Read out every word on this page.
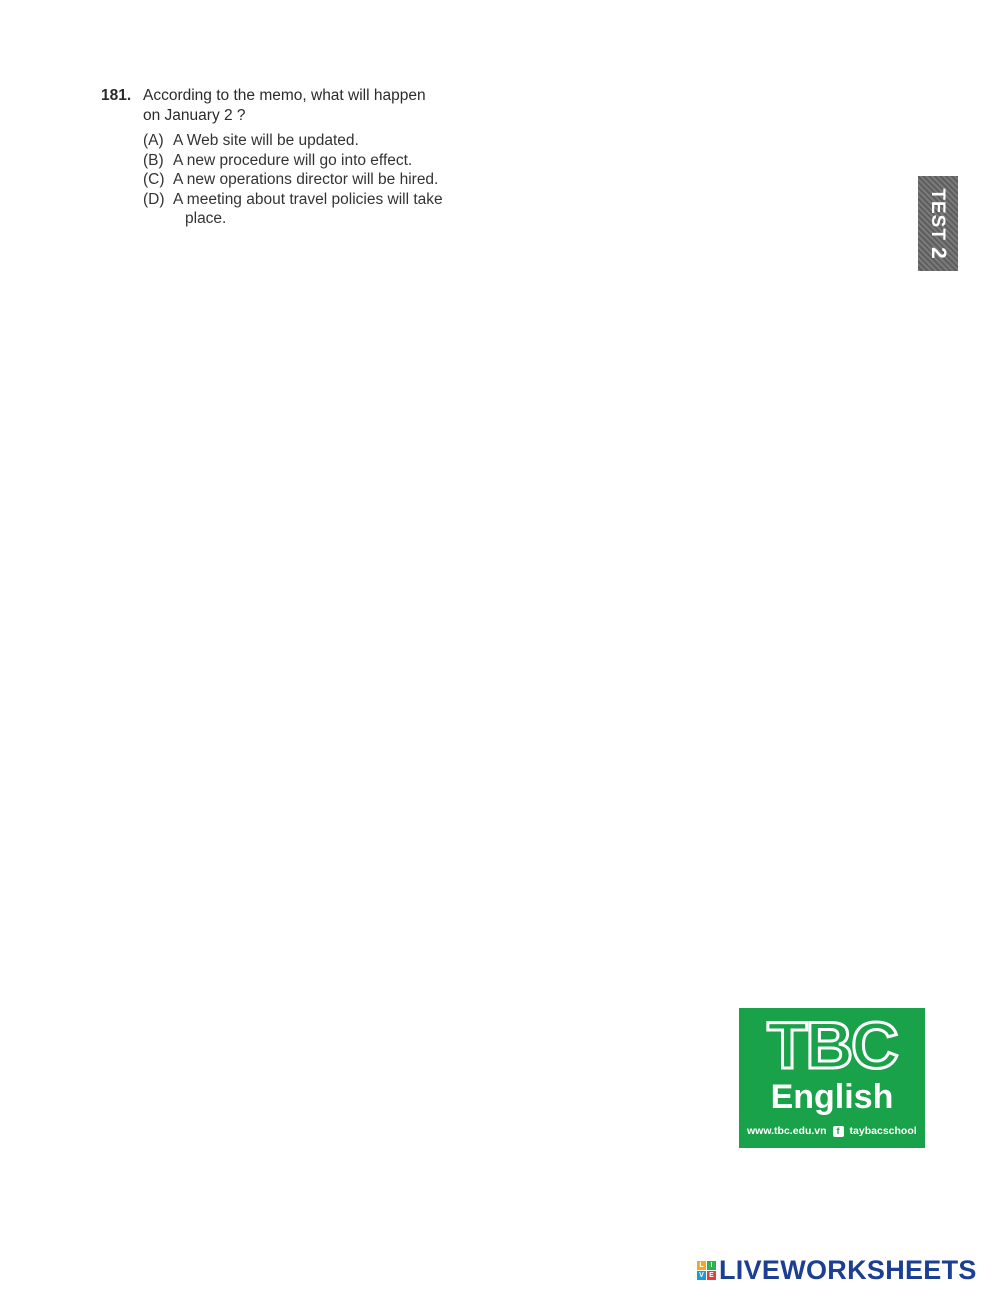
181. According to the memo, what will happen
on January 2 ?
(A) A Web site will be updated.
(B) A new procedure will go into effect.
(C) A new operations director will be hired.
(D) A meeting about travel policies will take
place.	TEST2
TBC
English
www.tbc.edu.vn	f taybacschool
L I
V E LIVEWORKSHEETS
